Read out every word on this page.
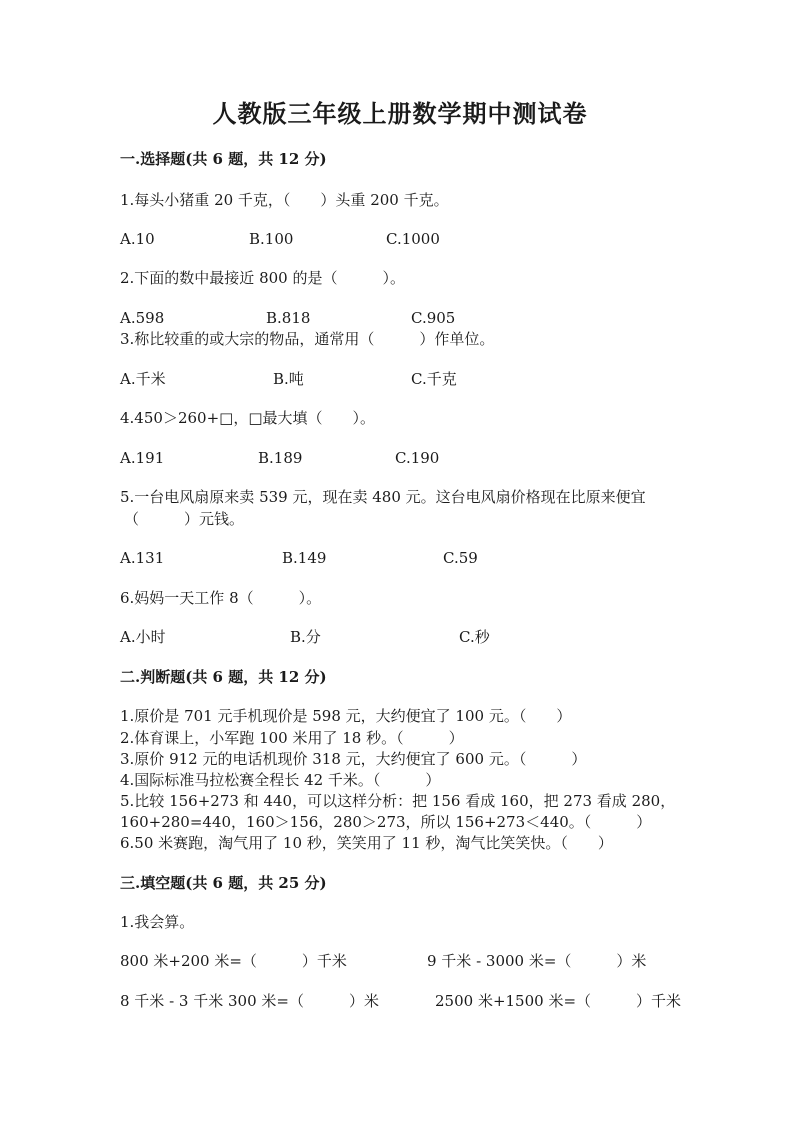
人教版三年级上册数学期中测试卷
一.选择题(共 6 题，共 12 分)
1.每头小猪重 20 千克，（　　）头重 200 千克。
A.10	B.100	C.1000
2.下面的数中最接近 800 的是（　　　）。
A.598	B.818	C.905
3.称比较重的或大宗的物品，通常用（　　　）作单位。
A.千米	B.吨	C.千克
4.450＞260+□，□最大填（　　）。
A.191	B.189	C.190
5.一台电风扇原来卖 539 元，现在卖 480 元。这台电风扇价格现在比原来便宜
（　　　）元钱。
A.131	B.149	C.59
6.妈妈一天工作 8（　　　）。
A.小时	B.分	C.秒
二.判断题(共 6 题，共 12 分)
1.原价是 701 元手机现价是 598 元，大约便宜了 100 元。（　　）
2.体育课上，小军跑 100 米用了 18 秒。（　　　）
3.原价 912 元的电话机现价 318 元，大约便宜了 600 元。（　　　）
4.国际标准马拉松赛全程长 42 千米。（　　　）
5.比较 156+273 和 440，可以这样分析：把 156 看成 160，把 273 看成 280，
160+280=440，160＞156，280＞273，所以 156+273＜440。（　　　）
6.50 米赛跑，淘气用了 10 秒，笑笑用了 11 秒，淘气比笑笑快。（　　）
三.填空题(共 6 题，共 25 分)
1.我会算。
800 米+200 米=（　　　）千米	9 千米 - 3000 米=（　　　）米
8 千米 - 3 千米 300 米=（　　　）米	2500 米+1500 米=（　　　）千米
